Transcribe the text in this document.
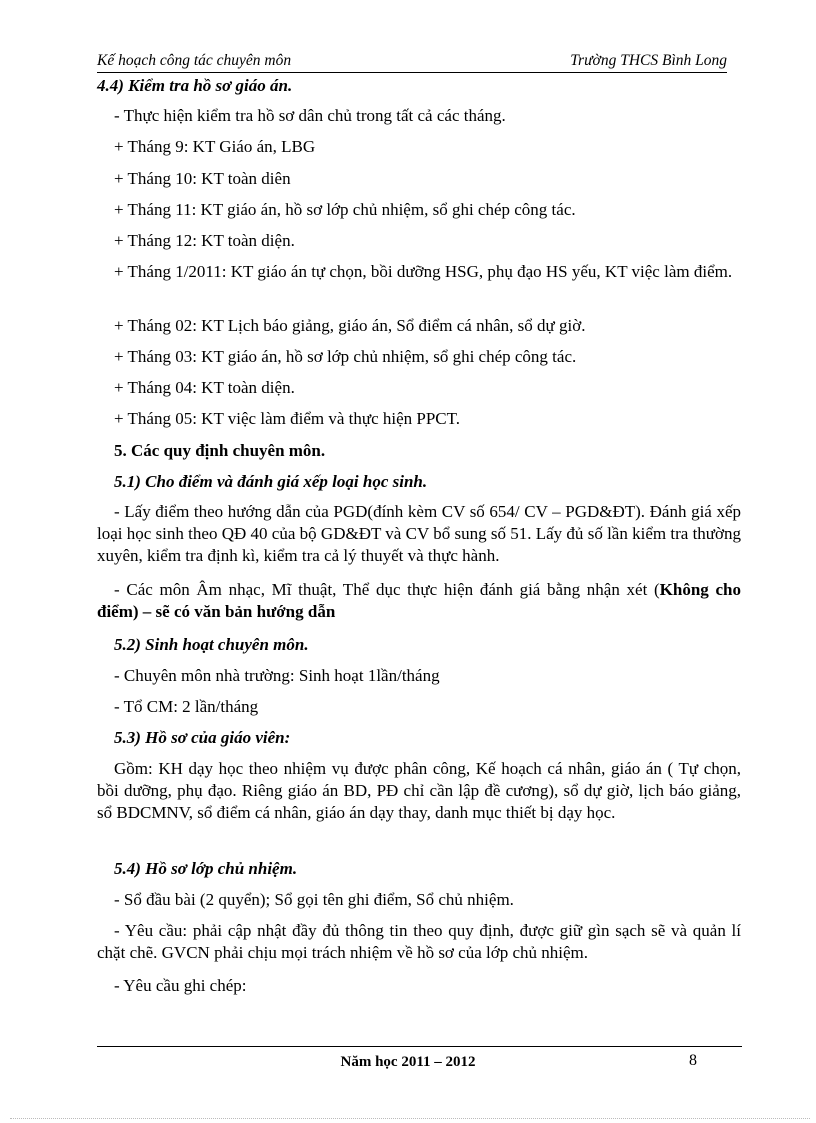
Kế hoạch công tác chuyên môn	Trường THCS Bình Long

4.4) Kiểm tra hồ sơ giáo án.

- Thực hiện kiểm tra hồ sơ dân chủ trong tất cả các tháng.

+ Tháng 9: KT Giáo án, LBG

+ Tháng 10: KT toàn diên

+ Tháng 11: KT giáo án, hồ sơ lớp chủ nhiệm, sổ ghi chép công tác.

+ Tháng 12: KT toàn diện.

+ Tháng 1/2011: KT giáo án tự chọn, bồi dưỡng HSG, phụ đạo HS yếu, KT việc làm điểm.

+ Tháng 02: KT Lịch báo giảng, giáo án, Sổ điểm cá nhân, sổ dự giờ.

+ Tháng 03: KT giáo án, hồ sơ lớp chủ nhiệm, sổ ghi chép công tác.

+ Tháng 04: KT toàn diện.

+ Tháng 05: KT việc làm điểm và thực hiện PPCT.

5. Các quy định chuyên môn.

5.1) Cho điểm và đánh giá xếp loại học sinh.

- Lấy điểm theo hướng dẫn của PGD(đính kèm CV số 654/ CV – PGD&ĐT). Đánh giá xếp loại học sinh theo QĐ 40 của bộ GD&ĐT và CV bổ sung số 51. Lấy đủ số lần kiểm tra thường xuyên, kiểm tra định kì, kiểm tra cả lý thuyết và thực hành.

- Các môn Âm nhạc, Mĩ thuật, Thể dục thực hiện đánh giá bằng nhận xét (Không cho điểm) – sẽ có văn bản hướng dẫn

5.2) Sinh hoạt chuyên môn.

- Chuyên môn nhà trường: Sinh hoạt 1lần/tháng

- Tổ CM: 2 lần/tháng

5.3) Hồ sơ của giáo viên:

Gồm: KH dạy học theo nhiệm vụ được phân công, Kế hoạch cá nhân, giáo án ( Tự chọn, bồi dưỡng, phụ đạo. Riêng giáo án BD, PĐ chỉ cần lập đề cương), sổ dự giờ, lịch báo giảng, sổ BDCMNV, sổ điểm cá nhân, giáo án dạy thay, danh mục thiết bị dạy học.

5.4) Hồ sơ lớp chủ nhiệm.

- Sổ đầu bài (2 quyển); Sổ gọi tên ghi điểm, Sổ chủ nhiệm.

- Yêu cầu: phải cập nhật đầy đủ thông tin theo quy định, được giữ gìn sạch sẽ và quản lí chặt chẽ. GVCN phải chịu mọi trách nhiệm về hồ sơ của lớp chủ nhiệm.

- Yêu cầu ghi chép:

Năm học 2011 – 2012	8
